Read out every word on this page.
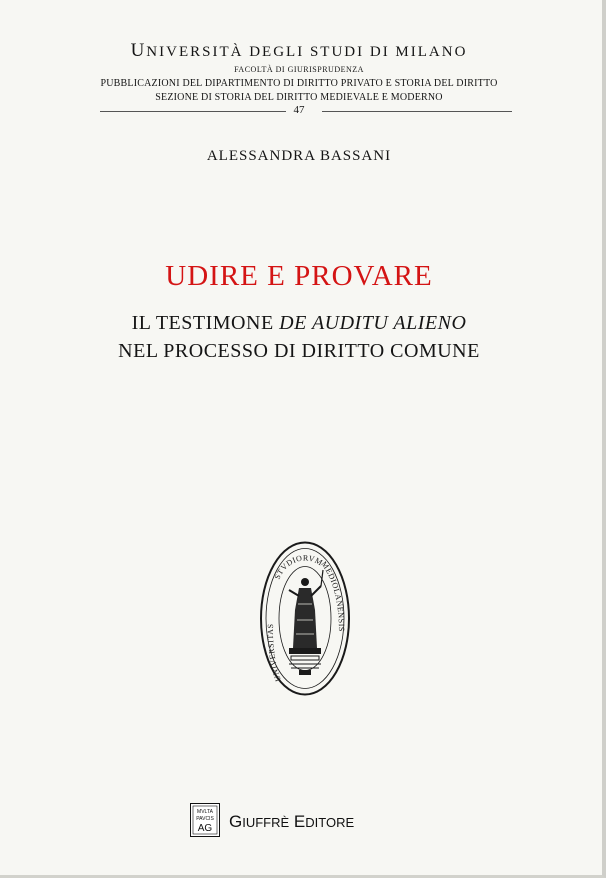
UNIVERSITÀ DEGLI STUDI DI MILANO
FACOLTÀ DI GIURISPRUDENZA
PUBBLICAZIONI DEL DIPARTIMENTO DI DIRITTO PRIVATO E STORIA DEL DIRITTO
SEZIONE DI STORIA DEL DIRITTO MEDIEVALE E MODERNO
47
ALESSANDRA BASSANI
UDIRE E PROVARE
IL TESTIMONE DE AUDITU ALIENO
NEL PROCESSO DI DIRITTO COMUNE
UNIVERSITAS
STVDIORVM
MEDIOLANENSIS
MVLTA
PAVCIS
AG GIUFFRÈ EDITORE
